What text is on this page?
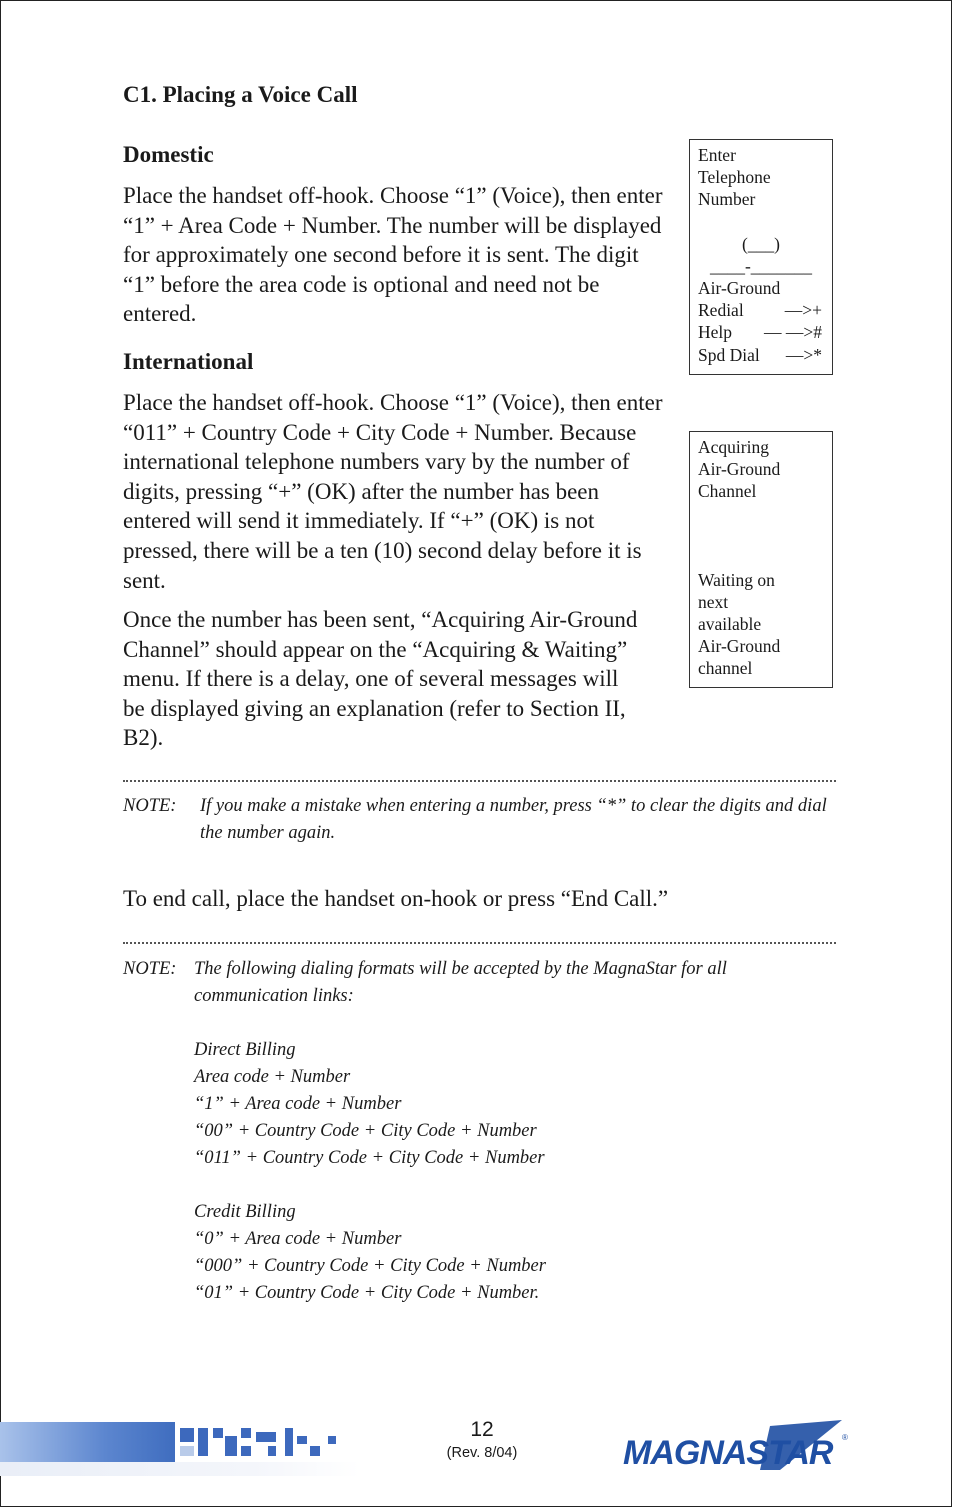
C1. Placing a Voice Call
Domestic

Place the handset off-hook. Choose “1” (Voice), then enter “1” + Area Code + Number. The number will be displayed for approximately one second before it is sent. The digit “1” before the area code is optional and need not be entered.

International

Place the handset off-hook. Choose “1” (Voice), then enter “011” + Country Code + City Code + Number. Because international telephone numbers vary by the number of digits, pressing “+” (OK) after the number has been entered will send it immediately. If “+” (OK) is not pressed, there will be a ten (10) second delay before it is sent.

Once the number has been sent, “Acquiring Air-Ground Channel” should appear on the “Acquiring & Waiting” menu. If there is a delay, one of several messages will be displayed giving an explanation (refer to Section II, B2).

Enter
Telephone
Number
(___)
____-_______
Air-Ground
Redial —>+
Help — —>#
Spd Dial —>*
Acquiring
Air-Ground
Channel
Waiting on
next
available
Air-Ground
channel
NOTE: If you make a mistake when entering a number, press “*” to clear the digits and dial the number again.
To end call, place the handset on-hook or press “End Call.”
NOTE: The following dialing formats will be accepted by the MagnaStar for all communication links:
Direct Billing
Area code + Number
“1” + Area code + Number
“00” + Country Code + City Code + Number
“011” + Country Code + City Code + Number
Credit Billing
“0” + Area code + Number
“000” + Country Code + City Code + Number
“01” + Country Code + City Code + Number.
12
(Rev. 8/04)	MAGNASTAR ®
